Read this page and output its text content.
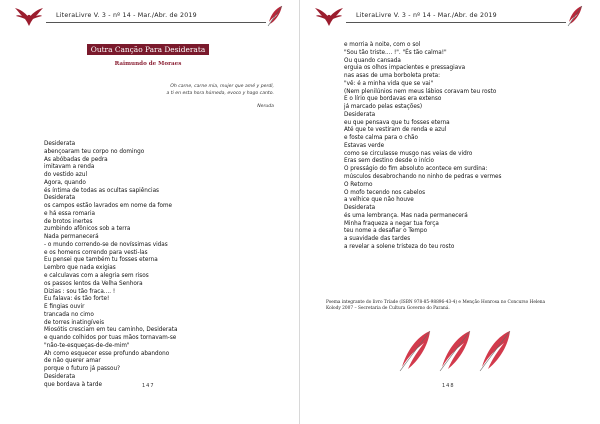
LiteraLivre V. 3 - nº 14 - Mar./Abr. de 2019
Outra Canção Para Desiderata
Raimundo de Moraes
Oh carne, carne mia, mujer que amé y perdí,
a ti en esta hora húmeda, evoco y hago canto.
Neruda
Desiderata
abençoaram teu corpo no domingo
As abóbadas de pedra
imitavam a renda
do vestido azul
Agora, quando
és íntima de todas as ocultas sapiências
Desiderata
os campos estão lavrados em nome da fome
e há essa romaria
de brotos inertes
zumbindo afônicos sob a terra
Nada permanecerá
- o mundo correndo-se de novíssimas vidas
e os homens correndo para vesti-las
Eu pensei que também tu fosses eterna
Lembro que nada exigias
e calculavas com a alegria sem risos
os passos lentos da Velha Senhora
Dizias : sou tão fraca.... !
Eu falava: és tão forte!
E fingias ouvir
trancada no cimo
de torres inatingíveis
Miosótis cresciam em teu caminho, Desiderata
e quando colhidos por tuas mãos tornavam-se
"não-te-esqueças-de-de-mim"
Ah como esquecer esse profundo abandono
de não querer amar
porque o futuro já passou?
Desiderata
que bordava à tarde	147
LiteraLivre V. 3 - nº 14 - Mar./Abr. de 2019
e morria à noite, com o sol
"Sou tão triste.... !". "És tão calma!"
Ou quando cansada
erguia os olhos impacientes e pressagiava
nas asas de uma borboleta preta:
"vê: é a minha vida que se vai"
(Nem plenilúnios nem meus lábios coravam teu rosto
E o lírio que bordavas era extenso
já marcado pelas estações)
Desiderata
eu que pensava que tu fosses eterna
Até que te vestiram de renda e azul
e foste calma para o chão
Estavas verde
como se circulasse musgo nas veias de vidro
Eras sem destino desde o início
O presságio do fim absoluto acontece em surdina:
músculos desabrochando no ninho de pedras e vermes
O Retorno
O mofo tecendo nos cabelos
a velhice que não houve
Desiderata
és uma lembrança. Mas nada permanecerá
Minha fraqueza a negar tua força
teu nome a desafiar o Tempo
a suavidade das tardes
a revelar a solene tristeza do teu rosto
Poema integrante do livro Tríade (ISBN 978-85-98896-43-4) e Menção Honrosa no Concurso Helena Kolody 2007 – Secretaria de Cultura Governo do Paraná.
148
